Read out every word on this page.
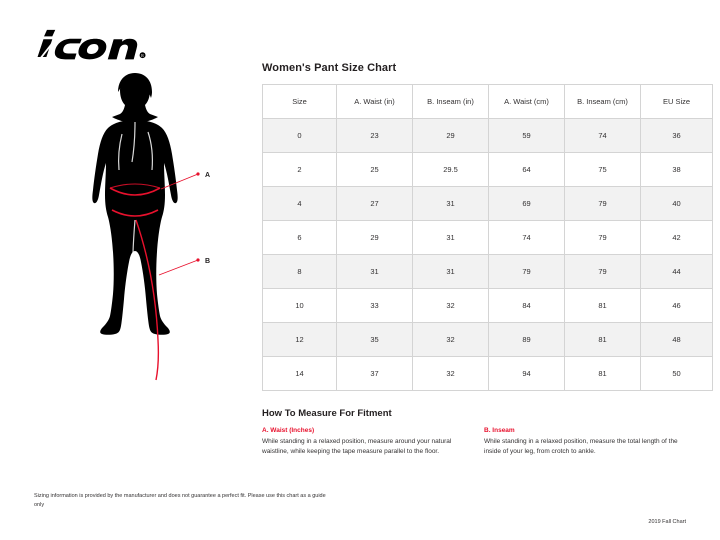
R
A
B
Women's Pant Size Chart
Size	A. Waist (in)	B. Inseam (in)	A. Waist (cm)	B. Inseam (cm)	EU Size
0	23	29	59	74	36
2	25	29.5	64	75	38
4	27	31	69	79	40
6	29	31	74	79	42
8	31	31	79	79	44
10	33	32	84	81	46
12	35	32	89	81	48
14	37	32	94	81	50
How To Measure For Fitment

A. Waist (Inches)

While standing in a relaxed position, measure around your natural waistline, while keeping the tape measure parallel to the floor.

B. Inseam

While standing in a relaxed position, measure the total length of the inside of your leg, from crotch to ankle.

Sizing information is provided by the manufacturer and does not guarantee a perfect fit. Please use this chart as a guide only
2019 Fall Chart
